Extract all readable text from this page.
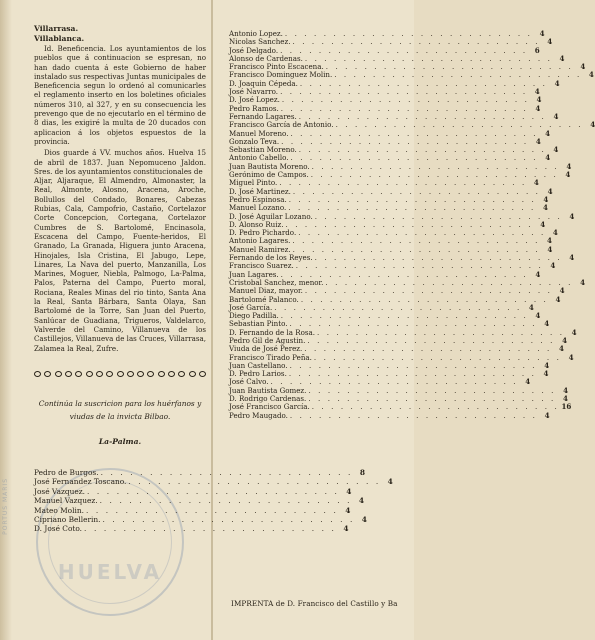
HUELVA
PORTUS MARIS
Villarrasa.
Villablanca.

Id. Beneficencia. Los ayuntamientos de los pueblos que á continuacion se espresan, no han dado cuenta á este Gobierno de haber instalado sus respectivas Juntas municipales de Beneficencia segun lo ordenó al comunicarles el reglamento inserto en los boletines oficiales números 310, al 327, y en su consecuencia les prevengo que de no ejecutarlo en el término de 8 dias, les exigiré la multa de 20 ducados con aplicacion á los objetos espuestos de la provincia.

Dios guarde á VV. muchos años. Huelva 15 de abril de 1837. Juan Nepomuceno Jaldon. Sres. de los ayuntamientos constitucionales de

Aljar, Aljaraque, El Almendro, Almonaster, la Real, Almonte, Alosno, Aracena, Aroche, Bollullos del Condado, Bonares, Cabezas Rubias, Cala, Campofrio, Castaño, Cortelazor Corte Concepcion, Cortegana, Cortelazor Cumbres de S. Bartolomé, Encinasola, Escacena del Campo, Fuente-heridos, El Granado, La Granada, Higuera junto Aracena, Hinojales, Isla Cristina, El Jabugo, Lepe, Linares, La Nava del puerto, Manzanilla, Los Marines, Moguer, Niebla, Palmogo, La-Palma, Palos, Paterna del Campo, Puerto moral, Rociana, Reales Minas del rio tinto, Santa Ana la Real, Santa Bárbara, Santa Olaya, San Bartolomé de la Torre, San Juan del Puerto, Sanlúcar de Guadiana, Trigueros, Valdelarco, Valverde del Camino, Villanueva de los Castillejos, Villanueva de las Cruces, Villarrasa, Zalamea la Real, Zufre.

Continúa la suscricion para los huérfanos y viudas de la invicta Bilbao.
La-Palma.
Pedro de Burgos. . . . . . . . . . . . . . . . . . . . . . . . . . . 8
José Fernandez Toscano. . . . . . . . . . . . . . . . . . . . . . . . . . . 4
José Vazquez. . . . . . . . . . . . . . . . . . . . . . . . . . . 4
Manuel Vazquez. . . . . . . . . . . . . . . . . . . . . . . . . . . 4
Mateo Molin. . . . . . . . . . . . . . . . . . . . . . . . . . . 4
Cipriano Bellerin. . . . . . . . . . . . . . . . . . . . . . . . . . . 4
D. José Coto. . . . . . . . . . . . . . . . . . . . . . . . . . . 4
Antonio Lopez. . . . . . . . . . . . . . . . . . . . . . . . . . . 4
Nicolas Sanchez. . . . . . . . . . . . . . . . . . . . . . . . . . . 4
José Delgado. . . . . . . . . . . . . . . . . . . . . . . . . . . 6
Alonso de Cardenas. . . . . . . . . . . . . . . . . . . . . . . . . . . 4
Francisco Pinto Escacena. . . . . . . . . . . . . . . . . . . . . . . . . . . 4
Francisco Dominguez Molin. . . . . . . . . . . . . . . . . . . . . . . . . . . 4
D. Joaquin Cépeda. . . . . . . . . . . . . . . . . . . . . . . . . . . 4
José Navarro. . . . . . . . . . . . . . . . . . . . . . . . . . . 4
D. José Lopez. . . . . . . . . . . . . . . . . . . . . . . . . . . 4
Pedro Ramos. . . . . . . . . . . . . . . . . . . . . . . . . . . 4
Fernando Lagares. . . . . . . . . . . . . . . . . . . . . . . . . . . 4
Francisco García de Antonio. . . . . . . . . . . . . . . . . . . . . . . . . . . 4
Manuel Moreno. . . . . . . . . . . . . . . . . . . . . . . . . . . 4
Gonzalo Teva. . . . . . . . . . . . . . . . . . . . . . . . . . . 4
Sebastian Moreno. . . . . . . . . . . . . . . . . . . . . . . . . . . 4
Antonio Cabello. . . . . . . . . . . . . . . . . . . . . . . . . . . 4
Juan Bautista Moreno. . . . . . . . . . . . . . . . . . . . . . . . . . . 4
Gerónimo de Campos. . . . . . . . . . . . . . . . . . . . . . . . . . . 4
Miguel Pinto. . . . . . . . . . . . . . . . . . . . . . . . . . . 4
D. José Martinez. . . . . . . . . . . . . . . . . . . . . . . . . . . 4
Pedro Espinosa. . . . . . . . . . . . . . . . . . . . . . . . . . . 4
Manuel Lozano. . . . . . . . . . . . . . . . . . . . . . . . . . . 4
D. José Aguilar Lozano. . . . . . . . . . . . . . . . . . . . . . . . . . . 4
D. Alonso Ruiz. . . . . . . . . . . . . . . . . . . . . . . . . . . 4
D. Pedro Pichardo. . . . . . . . . . . . . . . . . . . . . . . . . . . 4
Antonio Lagares. . . . . . . . . . . . . . . . . . . . . . . . . . . 4
Manuel Ramirez. . . . . . . . . . . . . . . . . . . . . . . . . . . 4
Fernando de los Reyes. . . . . . . . . . . . . . . . . . . . . . . . . . . 4
Francisco Suarez. . . . . . . . . . . . . . . . . . . . . . . . . . . 4
Juan Lagares. . . . . . . . . . . . . . . . . . . . . . . . . . . 4
Cristobal Sanchez, menor. . . . . . . . . . . . . . . . . . . . . . . . . . . 4
Manuel Diaz, mayor. . . . . . . . . . . . . . . . . . . . . . . . . . . 4
Bartolomé Palanco. . . . . . . . . . . . . . . . . . . . . . . . . . . 4
José García. . . . . . . . . . . . . . . . . . . . . . . . . . . 4
Diego Padilla. . . . . . . . . . . . . . . . . . . . . . . . . . . 4
Sebastian Pinto. . . . . . . . . . . . . . . . . . . . . . . . . . . 4
D. Fernando de la Rosa. . . . . . . . . . . . . . . . . . . . . . . . . . . 4
Pedro Gil de Agustin. . . . . . . . . . . . . . . . . . . . . . . . . . . 4
Viuda de José Perez. . . . . . . . . . . . . . . . . . . . . . . . . . . 4
Francisco Tirado Peña. . . . . . . . . . . . . . . . . . . . . . . . . . . 4
Juan Castellano. . . . . . . . . . . . . . . . . . . . . . . . . . . 4
D. Pedro Larios. . . . . . . . . . . . . . . . . . . . . . . . . . . 4
José Calvo. . . . . . . . . . . . . . . . . . . . . . . . . . . 4
Juan Bautista Gomez. . . . . . . . . . . . . . . . . . . . . . . . . . . 4
D. Rodrigo Cardenas. . . . . . . . . . . . . . . . . . . . . . . . . . . 4
José Francisco García. . . . . . . . . . . . . . . . . . . . . . . . . . . 16
Pedro Maugado. . . . . . . . . . . . . . . . . . . . . . . . . . . 4
IMPRENTA de D. Francisco del Castillo y Ba
